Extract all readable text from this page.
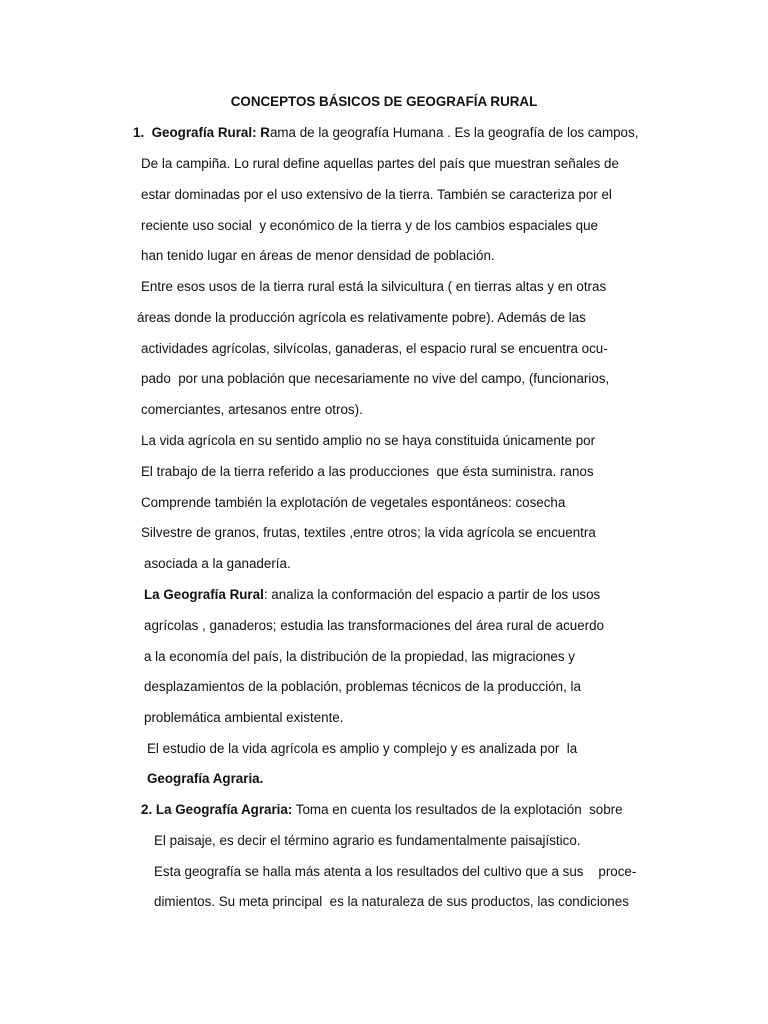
CONCEPTOS BÁSICOS DE GEOGRAFÍA RURAL
1. Geografía Rural: Rama de la geografía Humana . Es la geografía de los campos,
De la campiña. Lo rural define aquellas partes del país que muestran señales de
estar dominadas por el uso extensivo de la tierra. También se caracteriza por el
reciente uso social  y económico de la tierra y de los cambios espaciales que
han tenido lugar en áreas de menor densidad de población.
Entre esos usos de la tierra rural está la silvicultura ( en tierras altas y en otras
áreas donde la producción agrícola es relativamente pobre). Además de las
actividades agrícolas, silvícolas, ganaderas, el espacio rural se encuentra ocu-
pado  por una población que necesariamente no vive del campo, (funcionarios,
comerciantes, artesanos entre otros).
La vida agrícola en su sentido amplio no se haya constituida únicamente por
El trabajo de la tierra referido a las producciones  que ésta suministra. ranos
Comprende también la explotación de vegetales espontáneos: cosecha
Silvestre de granos, frutas, textiles ,entre otros; la vida agrícola se encuentra
asociada a la ganadería.
La Geografía Rural: analiza la conformación del espacio a partir de los usos
agrícolas , ganaderos; estudia las transformaciones del área rural de acuerdo
a la economía del país, la distribución de la propiedad, las migraciones y
desplazamientos de la población, problemas técnicos de la producción, la
problemática ambiental existente.
El estudio de la vida agrícola es amplio y complejo y es analizada por  la
Geografía Agraria.
2. La Geografía Agraria: Toma en cuenta los resultados de la explotación  sobre
El paisaje, es decir el término agrario es fundamentalmente paisajístico.
Esta geografía se halla más atenta a los resultados del cultivo que a sus    proce-
dimientos. Su meta principal  es la naturaleza de sus productos, las condiciones
